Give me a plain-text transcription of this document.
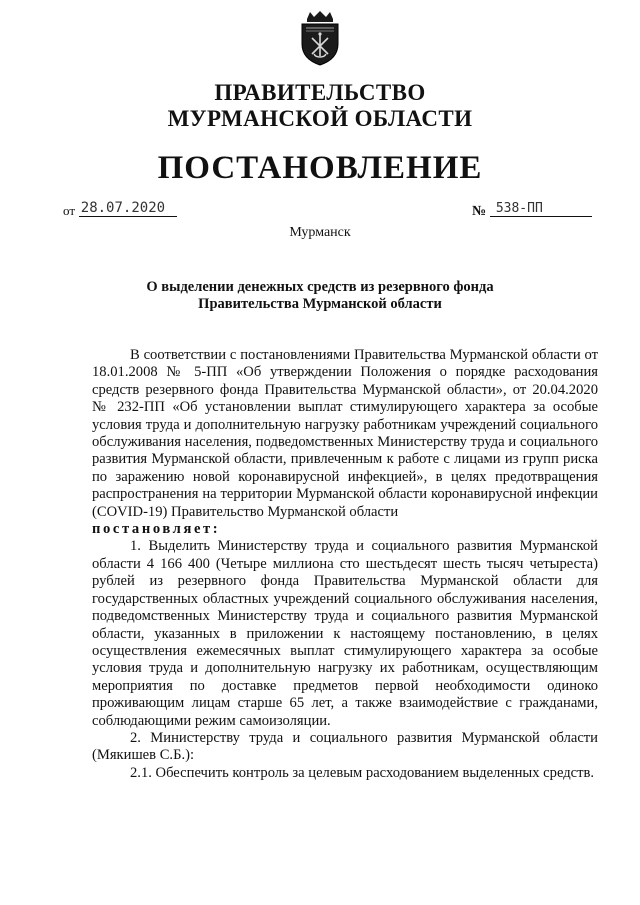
ПРАВИТЕЛЬСТВО
МУРМАНСКОЙ ОБЛАСТИ
ПОСТАНОВЛЕНИЕ
от 28.07.2020	№ 538-ПП
Мурманск
О выделении денежных средств из резервного фонда
Правительства Мурманской области

В соответствии с постановлениями Правительства Мурманской области от 18.01.2008 № 5-ПП «Об утверждении Положения о порядке расходования средств резервного фонда Правительства Мурманской области», от 20.04.2020 № 232-ПП «Об установлении выплат стимулирующего характера за особые условия труда и дополнительную нагрузку работникам учреждений социального обслуживания населения, подведомственных Министерству труда и социального развития Мурманской области, привлеченным к работе с лицами из групп риска по заражению новой коронавирусной инфекцией», в целях предотвращения распространения на территории Мурманской области коронавирусной инфекции (COVID-19) Правительство Мурманской области

постановляет:

1. Выделить Министерству труда и социального развития Мурманской области 4 166 400 (Четыре миллиона сто шестьдесят шесть тысяч четыреста) рублей из резервного фонда Правительства Мурманской области для государственных областных учреждений социального обслуживания населения, подведомственных Министерству труда и социального развития Мурманской области, указанных в приложении к настоящему постановлению, в целях осуществления ежемесячных выплат стимулирующего характера за особые условия труда и дополнительную нагрузку их работникам, осуществляющим мероприятия по доставке предметов первой необходимости одиноко проживающим лицам старше 65 лет, а также взаимодействие с гражданами, соблюдающими режим самоизоляции.

2. Министерству труда и социального развития Мурманской области (Мякишев С.Б.):

2.1. Обеспечить контроль за целевым расходованием выделенных средств.
